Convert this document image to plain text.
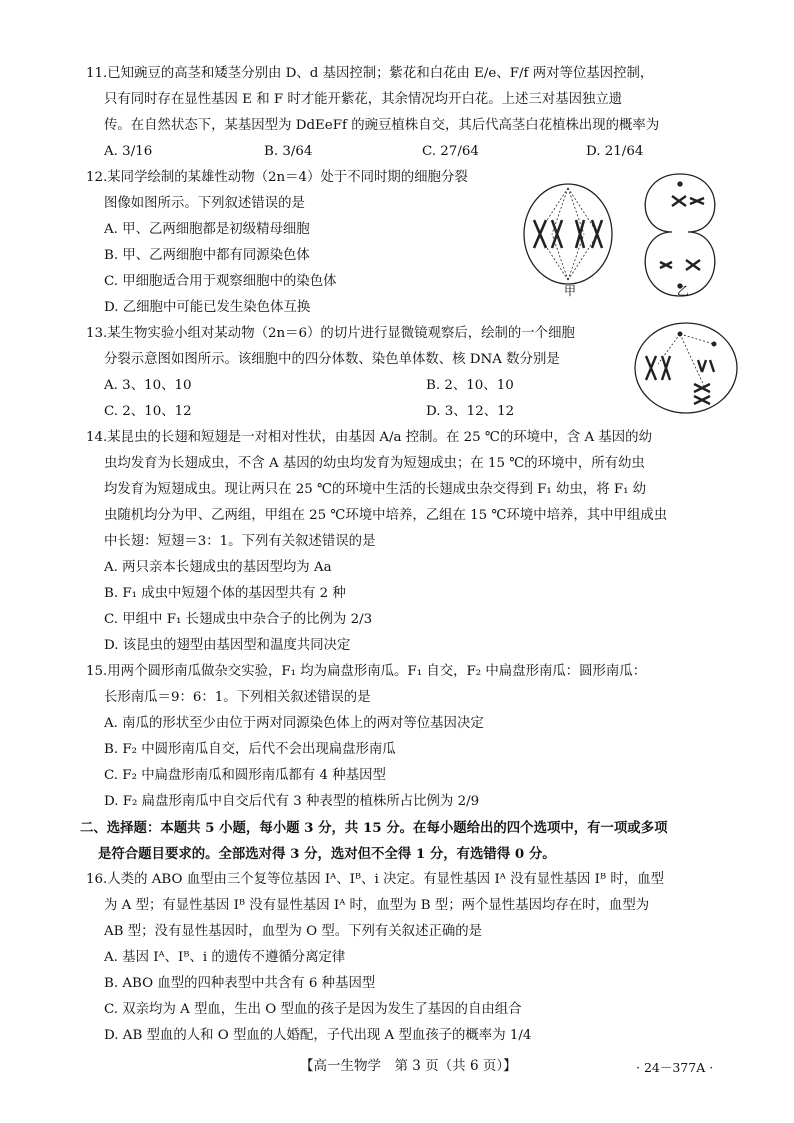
11.已知豌豆的高茎和矮茎分别由 D、d 基因控制；紫花和白花由 E/e、F/f 两对等位基因控制，
只有同时存在显性基因 E 和 F 时才能开紫花，其余情况均开白花。上述三对基因独立遗
传。在自然状态下，某基因型为 DdEeFf 的豌豆植株自交，其后代高茎白花植株出现的概率为
A. 3/16	B. 3/64	C. 27/64	D. 21/64
12.某同学绘制的某雄性动物（2n＝4）处于不同时期的细胞分裂
图像如图所示。下列叙述错误的是
A. 甲、乙两细胞都是初级精母细胞
B. 甲、乙两细胞中都有同源染色体
C. 甲细胞适合用于观察细胞中的染色体
D. 乙细胞中可能已发生染色体互换
甲	乙
13.某生物实验小组对某动物（2n＝6）的切片进行显微镜观察后，绘制的一个细胞
分裂示意图如图所示。该细胞中的四分体数、染色单体数、核 DNA 数分别是
A. 3、10、10	B. 2、10、10
C. 2、10、12	D. 3、12、12
14.某昆虫的长翅和短翅是一对相对性状，由基因 A/a 控制。在 25 ℃的环境中，含 A 基因的幼
虫均发育为长翅成虫，不含 A 基因的幼虫均发育为短翅成虫；在 15 ℃的环境中，所有幼虫
均发育为短翅成虫。现让两只在 25 ℃的环境中生活的长翅成虫杂交得到 F₁ 幼虫，将 F₁ 幼
虫随机均分为甲、乙两组，甲组在 25 ℃环境中培养，乙组在 15 ℃环境中培养，其中甲组成虫
中长翅：短翅＝3：1。下列有关叙述错误的是
A. 两只亲本长翅成虫的基因型均为 Aa
B. F₁ 成虫中短翅个体的基因型共有 2 种
C. 甲组中 F₁ 长翅成虫中杂合子的比例为 2/3
D. 该昆虫的翅型由基因型和温度共同决定
15.用两个圆形南瓜做杂交实验，F₁ 均为扁盘形南瓜。F₁ 自交，F₂ 中扁盘形南瓜：圆形南瓜：
长形南瓜＝9：6：1。下列相关叙述错误的是
A. 南瓜的形状至少由位于两对同源染色体上的两对等位基因决定
B. F₂ 中圆形南瓜自交，后代不会出现扁盘形南瓜
C. F₂ 中扁盘形南瓜和圆形南瓜都有 4 种基因型
D. F₂ 扁盘形南瓜中自交后代有 3 种表型的植株所占比例为 2/9
二、选择题：本题共 5 小题，每小题 3 分，共 15 分。在每小题给出的四个选项中，有一项或多项
是符合题目要求的。全部选对得 3 分，选对但不全得 1 分，有选错得 0 分。
16.人类的 ABO 血型由三个复等位基因 Iᴬ、Iᴮ、i 决定。有显性基因 Iᴬ 没有显性基因 Iᴮ 时，血型
为 A 型；有显性基因 Iᴮ 没有显性基因 Iᴬ 时，血型为 B 型；两个显性基因均存在时，血型为
AB 型；没有显性基因时，血型为 O 型。下列有关叙述正确的是
A. 基因 Iᴬ、Iᴮ、i 的遗传不遵循分离定律
B. ABO 血型的四种表型中共含有 6 种基因型
C. 双亲均为 A 型血，生出 O 型血的孩子是因为发生了基因的自由组合
D. AB 型血的人和 O 型血的人婚配，子代出现 A 型血孩子的概率为 1/4
【高一生物学　第 3 页（共 6 页）】	· 24－377A ·
